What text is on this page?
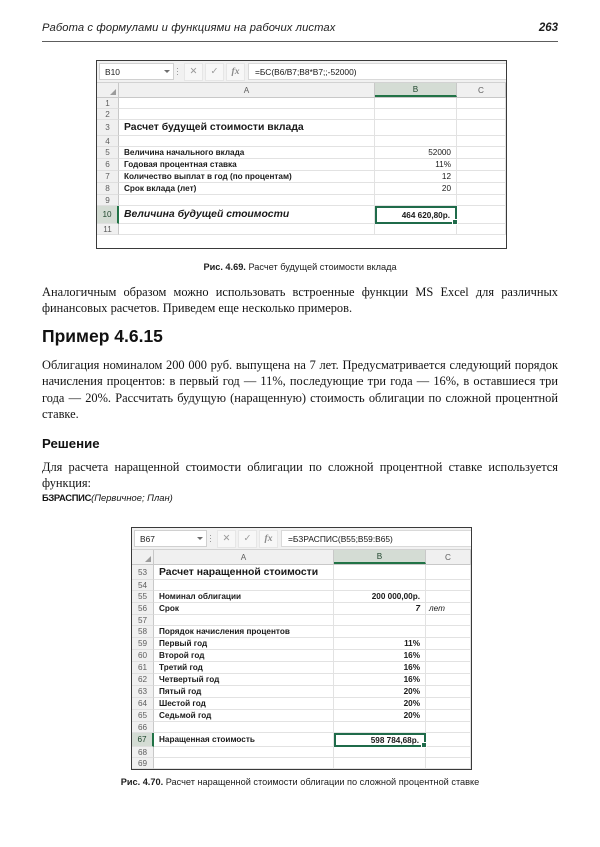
Работа с формулами и функциями на рабочих листах	263
B10	✕	✓	fx	=БС(B6/B7;B8*B7;;-52000)
A	B	C
1
2
3	Расчет будущей стоимости вклада
4
5	Величина начального вклада	52000
6	Годовая процентная ставка	11%
7	Количество выплат в год (по процентам)	12
8	Срок вклада (лет)	20
9
10	Величина будущей стоимости	464 620,80р.
11
Рис. 4.69. Расчет будущей стоимости вклада
Аналогичным образом можно использовать встроенные функции MS Excel для различных финансовых расчетов. Приведем еще несколько примеров.
Пример 4.6.15
Облигация номиналом 200 000 руб. выпущена на 7 лет. Предусматривается следующий порядок начисления процентов: в первый год — 11%, последующие три года — 16%, в оставшиеся три года — 20%. Рассчитать будущую (наращенную) стоимость облигации по сложной процентной ставке.
Решение
Для расчета наращенной стоимости облигации по сложной процентной ставке используется функция:
БЗРАСПИС(Первичное; План)
B67	✕	✓	fx	=БЗРАСПИС(B55;B59:B65)
A	B	C
53	Расчет наращенной стоимости
54
55	Номинал облигации	200 000,00р.
56	Срок	7	лет
57
58	Порядок начисления процентов
59	Первый год	11%
60	Второй год	16%
61	Третий год	16%
62	Четвертый год	16%
63	Пятый год	20%
64	Шестой год	20%
65	Седьмой год	20%
66
67	Наращенная стоимость	598 784,68р.
68
69
Рис. 4.70. Расчет наращенной стоимости облигации по сложной процентной ставке
